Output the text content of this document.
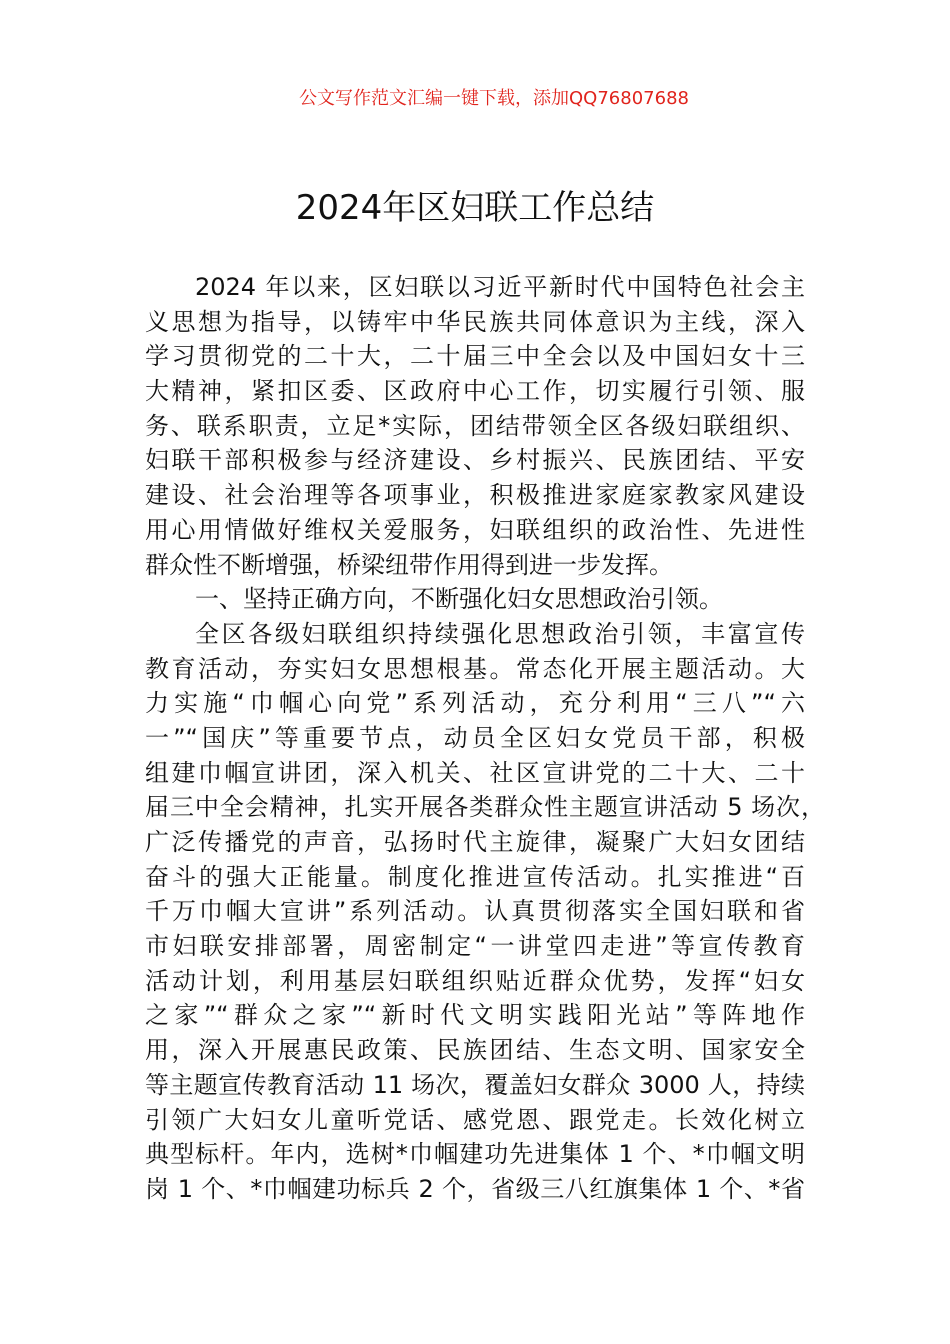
公文写作范文汇编一键下载，添加QQ76807688
2024年区妇联工作总结
2024 年以来，区妇联以习近平新时代中国特色社会主
义思想为指导，以铸牢中华民族共同体意识为主线，深入
学习贯彻党的二十大，二十届三中全会以及中国妇女十三
大精神，紧扣区委、区政府中心工作，切实履行引领、服
务、联系职责，立足*实际，团结带领全区各级妇联组织、
妇联干部积极参与经济建设、乡村振兴、民族团结、平安
建设、社会治理等各项事业，积极推进家庭家教家风建设
用心用情做好维权关爱服务，妇联组织的政治性、先进性
群众性不断增强，桥梁纽带作用得到进一步发挥。
一、坚持正确方向，不断强化妇女思想政治引领。
全区各级妇联组织持续强化思想政治引领，丰富宣传
教育活动，夯实妇女思想根基。常态化开展主题活动。大
力实施“巾帼心向党”系列活动，充分利用“三八”“六
一”“国庆”等重要节点，动员全区妇女党员干部，积极
组建巾帼宣讲团，深入机关、社区宣讲党的二十大、二十
届三中全会精神，扎实开展各类群众性主题宣讲活动 5 场次，
广泛传播党的声音，弘扬时代主旋律，凝聚广大妇女团结
奋斗的强大正能量。制度化推进宣传活动。扎实推进“百
千万巾帼大宣讲”系列活动。认真贯彻落实全国妇联和省
市妇联安排部署，周密制定“一讲堂四走进”等宣传教育
活动计划，利用基层妇联组织贴近群众优势，发挥“妇女
之家”“群众之家”“新时代文明实践阳光站”等阵地作
用，深入开展惠民政策、民族团结、生态文明、国家安全
等主题宣传教育活动 11 场次，覆盖妇女群众 3000 人，持续
引领广大妇女儿童听党话、感党恩、跟党走。长效化树立
典型标杆。年内，选树*巾帼建功先进集体 1 个、*巾帼文明
岗 1 个、*巾帼建功标兵 2 个，省级三八红旗集体 1 个、*省
